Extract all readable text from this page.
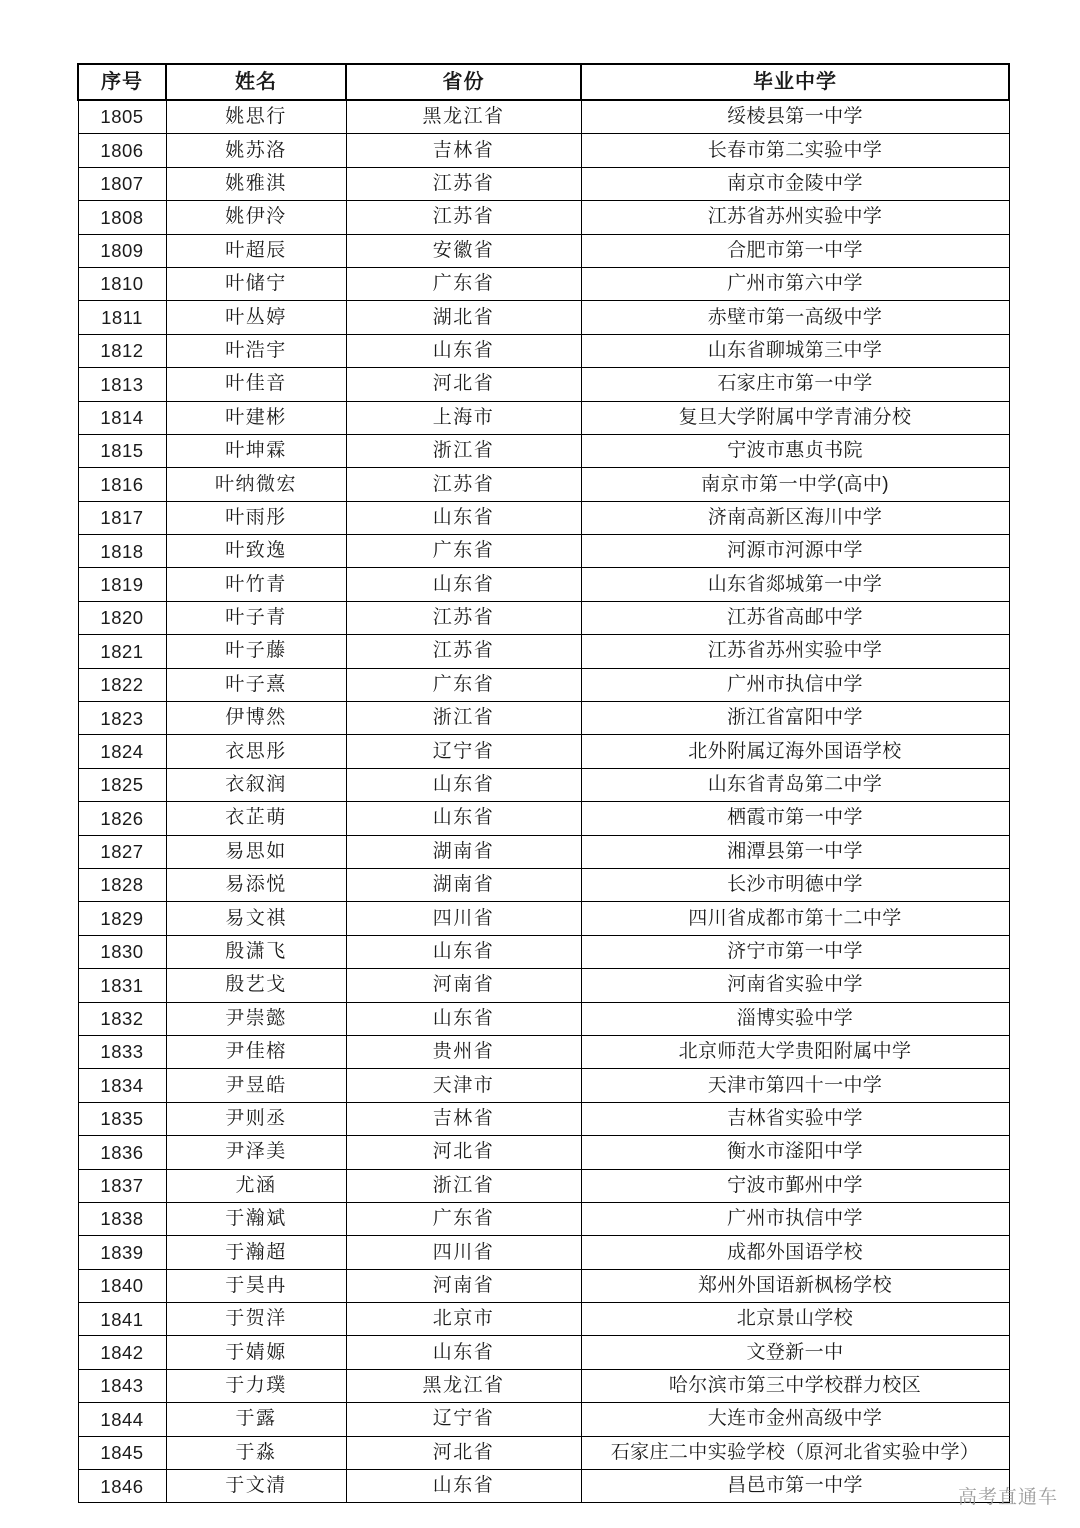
序号	姓名	省份	毕业中学
1805	姚思行	黑龙江省	绥棱县第一中学
1806	姚苏洛	吉林省	长春市第二实验中学
1807	姚雅淇	江苏省	南京市金陵中学
1808	姚伊泠	江苏省	江苏省苏州实验中学
1809	叶超辰	安徽省	合肥市第一中学
1810	叶储宁	广东省	广州市第六中学
1811	叶丛婷	湖北省	赤壁市第一高级中学
1812	叶浩宇	山东省	山东省聊城第三中学
1813	叶佳音	河北省	石家庄市第一中学
1814	叶建彬	上海市	复旦大学附属中学青浦分校
1815	叶坤霖	浙江省	宁波市惠贞书院
1816	叶纳微宏	江苏省	南京市第一中学(高中)
1817	叶雨彤	山东省	济南高新区海川中学
1818	叶致逸	广东省	河源市河源中学
1819	叶竹青	山东省	山东省郯城第一中学
1820	叶子青	江苏省	江苏省高邮中学
1821	叶子藤	江苏省	江苏省苏州实验中学
1822	叶子熹	广东省	广州市执信中学
1823	伊博然	浙江省	浙江省富阳中学
1824	衣思彤	辽宁省	北外附属辽海外国语学校
1825	衣叙润	山东省	山东省青岛第二中学
1826	衣芷萌	山东省	栖霞市第一中学
1827	易思如	湖南省	湘潭县第一中学
1828	易添悦	湖南省	长沙市明德中学
1829	易文祺	四川省	四川省成都市第十二中学
1830	殷潇飞	山东省	济宁市第一中学
1831	殷艺戈	河南省	河南省实验中学
1832	尹崇懿	山东省	淄博实验中学
1833	尹佳榕	贵州省	北京师范大学贵阳附属中学
1834	尹昱皓	天津市	天津市第四十一中学
1835	尹则丞	吉林省	吉林省实验中学
1836	尹泽美	河北省	衡水市滏阳中学
1837	尤涵	浙江省	宁波市鄞州中学
1838	于瀚斌	广东省	广州市执信中学
1839	于瀚超	四川省	成都外国语学校
1840	于昊冉	河南省	郑州外国语新枫杨学校
1841	于贺洋	北京市	北京景山学校
1842	于婧嫄	山东省	文登新一中
1843	于力璞	黑龙江省	哈尔滨市第三中学校群力校区
1844	于露	辽宁省	大连市金州高级中学
1845	于淼	河北省	石家庄二中实验学校（原河北省实验中学）
1846	于文清	山东省	昌邑市第一中学
高考直通车
